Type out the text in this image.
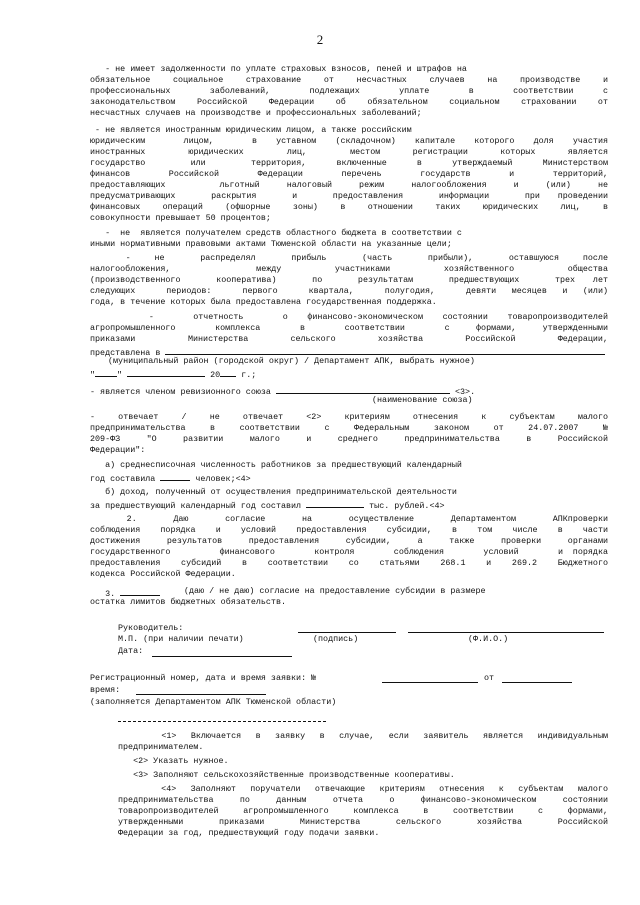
2
- не имеет задолженности по уплате страховых взносов, пеней и штрафов на
обязательное социальное страхование от несчастных случаев на производстве и
профессиональных    заболеваний,    подлежащих    уплате    в    соответствии   с
законодательством Российской Федерации об обязательном социальном страховании от
несчастных случаев на производстве и профессиональных заболеваний;
- не является иностранным юридическим лицом, а также российским
юридическим  лицом,  в уставном (складочном) капитале которого доля участия
иностранных    юридических    лиц,    местом   регистрации   которых   является
государство   или   территория,  включенные  в  утверждаемый  Министерством
финансов   Российской   Федерации   перечень   государств   и   территорий,
предоставляющих  льготный налоговый режим налогообложения и (или) не
предусматривающих  раскрытия  и  предоставления  информации  при проведении
финансовых операций (офшорные зоны) в отношении таких юридических лиц, в
совокупности превышает 50 процентов;
-  не  является получателем средств областного бюджета в соответствии с
иными нормативными правовыми актами Тюменской области на указанные цели;
-  не   распределял   прибыль   (часть   прибыли),   оставшуюся  после
налогообложения,        между     участниками     хозяйственного     общества
(производственного  кооператива)  по  результатам  предшествующих  трех лет
следующих  периодов:  первого  квартала,  полугодия,  девяти месяцев и (или)
года, в течение которых была предоставлена государственная поддержка.
-  отчетность  о финансово-экономическом состоянии товаропроизводителей
агропромышленного   комплекса   в   соответствии   с  формами,  утвержденными
приказами     Министерства    сельского    хозяйства    Российской    Федерации,
представлена в
(муниципальный район (городской округ) / Департамент АПК, выбрать нужное)
"	"	20 г.;
- является членом ревизионного союза	<3>.
(наименование союза)
- отвечает / не отвечает <2> критериям отнесения к субъектам малого
предпринимательства в соответствии с Федеральным законом от 24.07.2007 №
209-ФЗ "О развитии малого и среднего предпринимательства в Российской
Федерации":
а) среднесписочная численность работников за предшествующий календарный
год составила	человек;<4>
б) доход, полученный от осуществления предпринимательской деятельности
за предшествующий календарный год составил	тыс. рублей.<4>
2.   Даю   согласие   на   осуществление   Департаментом   АПКпроверки
соблюдения порядка и условий предоставления субсидии, в том числе в части
достижения результатов предоставления субсидии, а также проверки органами
государственного     финансового    контроля    соблюдения    условий    и порядка
предоставления субсидий в соответствии со статьями 268.1 и 269.2 Бюджетного
кодекса Российской Федерации.
3.	(даю / не даю) согласие на предоставление субсидии в размере
остатка лимитов бюджетных обязательств.
Руководитель:
М.П. (при наличии печати)	(подпись)	(Ф.И.О.)
Дата:
Регистрационный номер, дата и время заявки: №	от
время:
(заполняется Департаментом АПК Тюменской области)
<1> Включается в заявку в случае, если заявитель является индивидуальным
предпринимателем.
<2> Указать нужное.
<3> Заполняют сельскохозяйственные производственные кооперативы.
<4> Заполняют поручатели отвечающие критериям отнесения к субъектам малого
предпринимательства по данным отчета о финансово-экономическом состоянии
товаропроизводителей агропромышленного комплекса в соответствии с формами,
утвержденными    приказами    Министерства    сельского    хозяйства    Российской
Федерации за год, предшествующий году подачи заявки.
